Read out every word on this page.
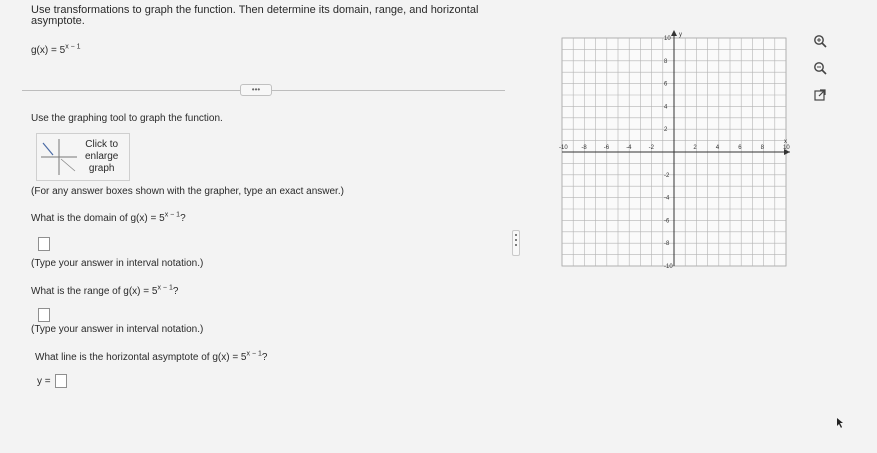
Use transformations to graph the function. Then determine its domain, range, and horizontal asymptote.
$g(x) = 5^{x - 1}$
•••
Use the graphing tool to graph the function.
Click to
enlarge
graph
(For any answer boxes shown with the grapher, type an exact answer.)
What is the domain of $g(x) = 5^{x - 1}$?
(Type your answer in interval notation.)
What is the range of $g(x) = 5^{x - 1}$?
(Type your answer in interval notation.)
What line is the horizontal asymptote of $g(x) = 5^{x - 1}$?
y =
x
y
-10 -8	-6	-4	-2	2	4	6	8	10
10
8
6
4
2
-2
-4
-6
-8
-10
